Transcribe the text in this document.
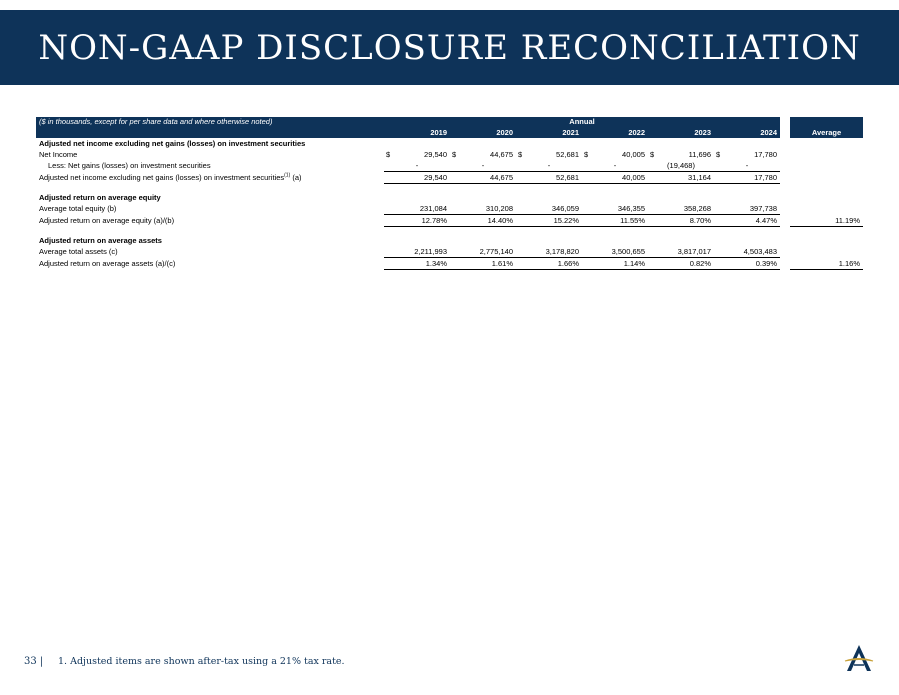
NON-GAAP DISCLOSURE RECONCILIATION
($ in thousands, except for per share data and where otherwise noted)	Annual							
	2019	2020	2021	2022	2023	2024		Average
Adjusted net income excluding net gains (losses) on investment securities								
Net Income	$ 29,540	$ 44,675	$ 52,681	$ 40,005	$ 11,696	$ 17,780		
Less: Net gains (losses) on investment securities	-	-	-	-	(19,468)	-		
Adjusted net income excluding net gains (losses) on investment securities$^{(1)}$ (a)	29,540	44,675	52,681	40,005	31,164	17,780		

Adjusted return on average equity								
Average total equity (b)	231,084	310,208	346,059	346,355	358,268	397,738		
Adjusted return on average equity (a)/(b)	12.78%	14.40%	15.22%	11.55%	8.70%	4.47%		11.19%

Adjusted return on average assets								
Average total assets (c)	2,211,993	2,775,140	3,178,820	3,500,655	3,817,017	4,503,483		
Adjusted return on average assets (a)/(c)	1.34%	1.61%	1.66%	1.14%	0.82%	0.39%		1.16%
33 | 1. Adjusted items are shown after-tax using a 21% tax rate.
